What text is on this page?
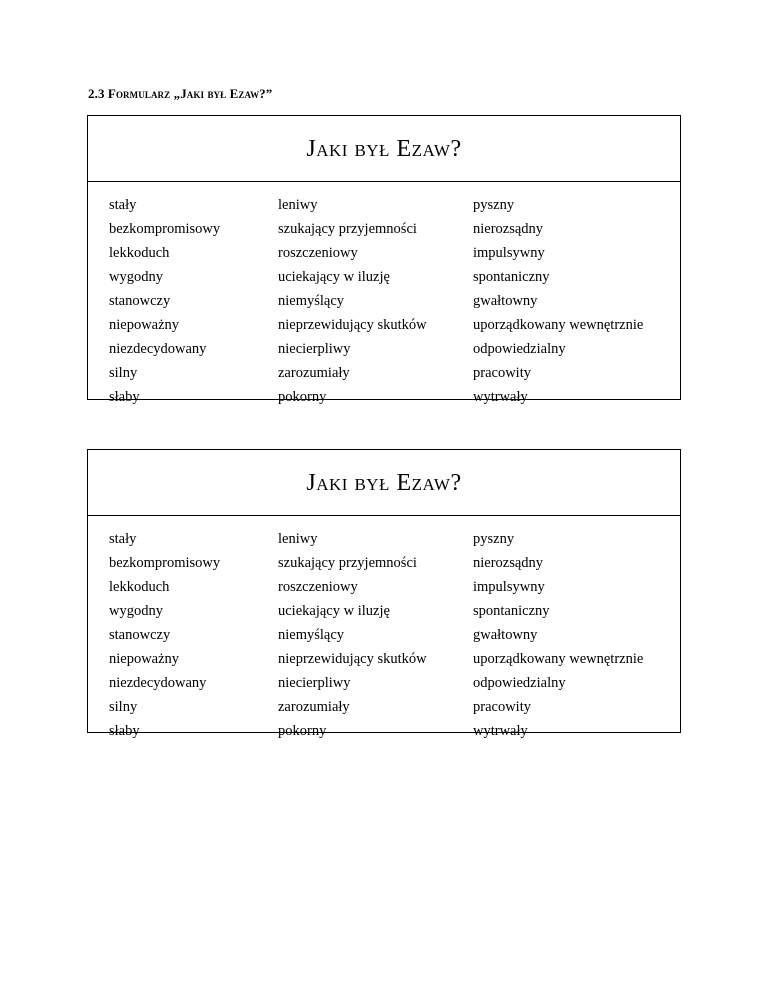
2.3 Formularz „Jaki był Ezaw?”
Jaki był Ezaw?
stały	leniwy	pyszny
bezkompromisowy	szukający przyjemności	nierozsądny
lekkoduch	roszczeniowy	impulsywny
wygodny	uciekający w iluzję	spontaniczny
stanowczy	niemyślący	gwałtowny
niepoważny	nieprzewidujący skutków	uporządkowany wewnętrznie
niezdecydowany	niecierpliwy	odpowiedzialny
silny	zarozumiały	pracowity
słaby	pokorny	wytrwały
Jaki był Ezaw?
stały	leniwy	pyszny
bezkompromisowy	szukający przyjemności	nierozsądny
lekkoduch	roszczeniowy	impulsywny
wygodny	uciekający w iluzję	spontaniczny
stanowczy	niemyślący	gwałtowny
niepoważny	nieprzewidujący skutków	uporządkowany wewnętrznie
niezdecydowany	niecierpliwy	odpowiedzialny
silny	zarozumiały	pracowity
słaby	pokorny	wytrwały
